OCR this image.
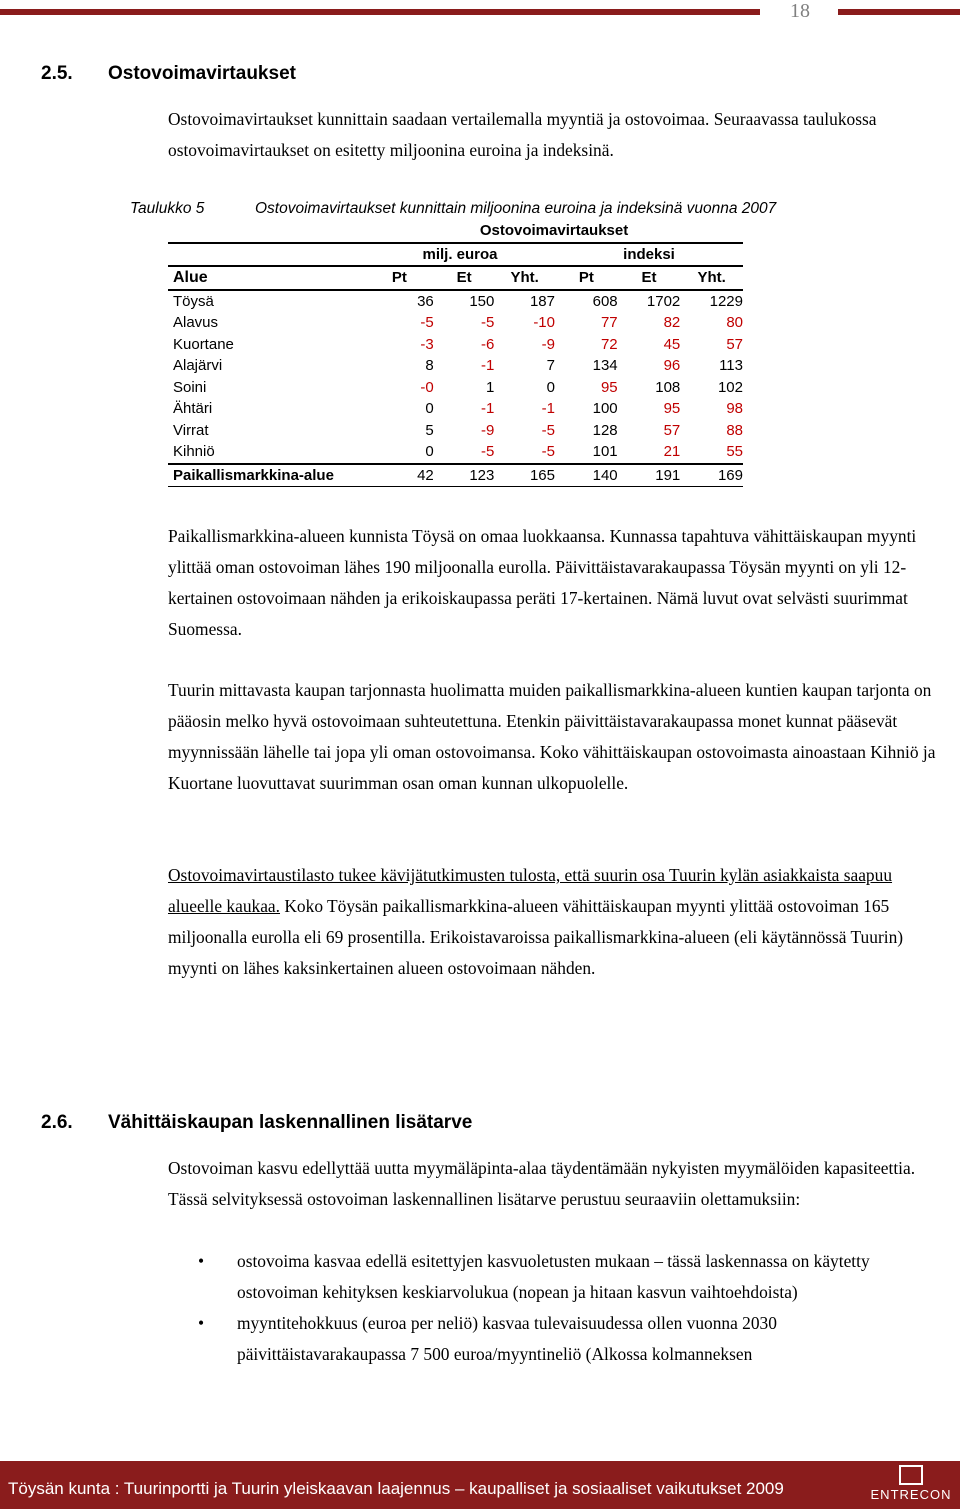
18
2.5. Ostovoimavirtaukset

Ostovoimavirtaukset kunnittain saadaan vertailemalla myyntiä ja ostovoimaa. Seuraavassa taulukossa ostovoimavirtaukset on esitetty miljoonina euroina ja indeksinä.

Taulukko 5	Ostovoimavirtaukset kunnittain miljoonina euroina ja indeksinä vuonna 2007
	Ostovoimavirtaukset					
	milj. euroa			indeksi		
Alue	Pt	Et	Yht.	Pt	Et	Yht.
Töysä	36	150	187	608	1702	1229
Alavus	-5	-5	-10	77	82	80
Kuortane	-3	-6	-9	72	45	57
Alajärvi	8	-1	7	134	96	113
Soini	-0	1	0	95	108	102
Ähtäri	0	-1	-1	100	95	98
Virrat	5	-9	-5	128	57	88
Kihniö	0	-5	-5	101	21	55
Paikallismarkkina-alue	42	123	165	140	191	169

Paikallismarkkina-alueen kunnista Töysä on omaa luokkaansa. Kunnassa tapahtuva vähittäiskaupan myynti ylittää oman ostovoiman lähes 190 miljoonalla eurolla. Päivittäistavarakaupassa Töysän myynti on yli 12-kertainen ostovoimaan nähden ja erikoiskaupassa peräti 17-kertainen. Nämä luvut ovat selvästi suurimmat Suomessa.

Tuurin mittavasta kaupan tarjonnasta huolimatta muiden paikallismarkkina-alueen kuntien kaupan tarjonta on pääosin melko hyvä ostovoimaan suhteutettuna. Etenkin päivittäistavarakaupassa monet kunnat pääsevät myynnissään lähelle tai jopa yli oman ostovoimansa. Koko vähittäiskaupan ostovoimasta ainoastaan Kihniö ja Kuortane luovuttavat suurimman osan oman kunnan ulkopuolelle.

Ostovoimavirtaustilasto tukee kävijätutkimusten tulosta, että suurin osa Tuurin kylän asiakkaista saapuu alueelle kaukaa. Koko Töysän paikallismarkkina-alueen vähittäiskaupan myynti ylittää ostovoiman 165 miljoonalla eurolla eli 69 prosentilla. Erikoistavaroissa paikallismarkkina-alueen (eli käytännössä Tuurin) myynti on lähes kaksinkertainen alueen ostovoimaan nähden.

2.6. Vähittäiskaupan laskennallinen lisätarve

Ostovoiman kasvu edellyttää uutta myymäläpinta-alaa täydentämään nykyisten myymälöiden kapasiteettia. Tässä selvityksessä ostovoiman laskennallinen lisätarve perustuu seuraaviin olettamuksiin:

• ostovoima kasvaa edellä esitettyjen kasvuoletusten mukaan – tässä laskennassa on käytetty ostovoiman kehityksen keskiarvolukua (nopean ja hitaan kasvun vaihtoehdoista)
• myyntitehokkuus (euroa per neliö) kasvaa tulevaisuudessa ollen vuonna 2030 päivittäistavarakaupassa 7 500 euroa/myyntineliö (Alkossa kolmanneksen
Töysän kunta : Tuurinportti ja Tuurin yleiskaavan laajennus – kaupalliset ja sosiaaliset vaikutukset 2009	ENTRECON
